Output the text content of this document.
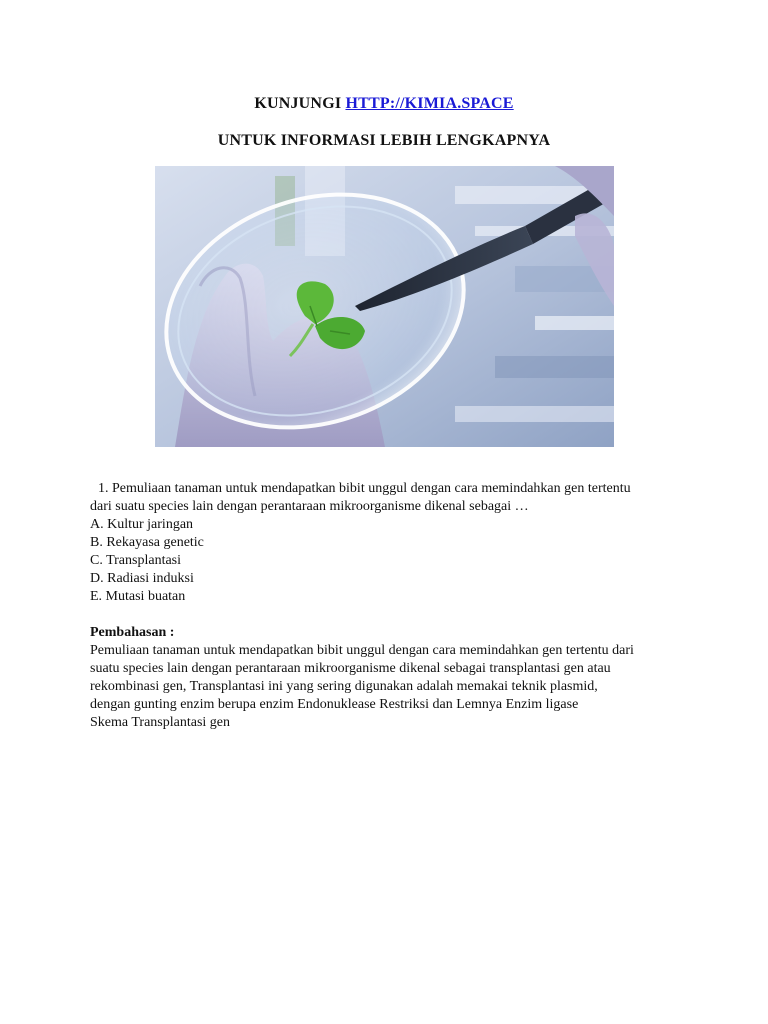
KUNJUNGI HTTP://KIMIA.SPACE
UNTUK INFORMASI LEBIH LENGKAPNYA
1. Pemuliaan tanaman untuk mendapatkan bibit unggul dengan cara memindahkan gen tertentu
dari suatu species lain dengan perantaraan mikroorganisme dikenal sebagai …
A. Kultur jaringan
B. Rekayasa genetic
C. Transplantasi
D. Radiasi induksi
E. Mutasi buatan
Pembahasan :
Pemuliaan tanaman untuk mendapatkan bibit unggul dengan cara memindahkan gen tertentu dari
suatu species lain dengan perantaraan mikroorganisme dikenal sebagai transplantasi gen atau
rekombinasi gen, Transplantasi ini yang sering digunakan adalah memakai teknik plasmid,
dengan gunting enzim berupa enzim Endonuklease Restriksi dan Lemnya Enzim ligase
Skema Transplantasi gen
